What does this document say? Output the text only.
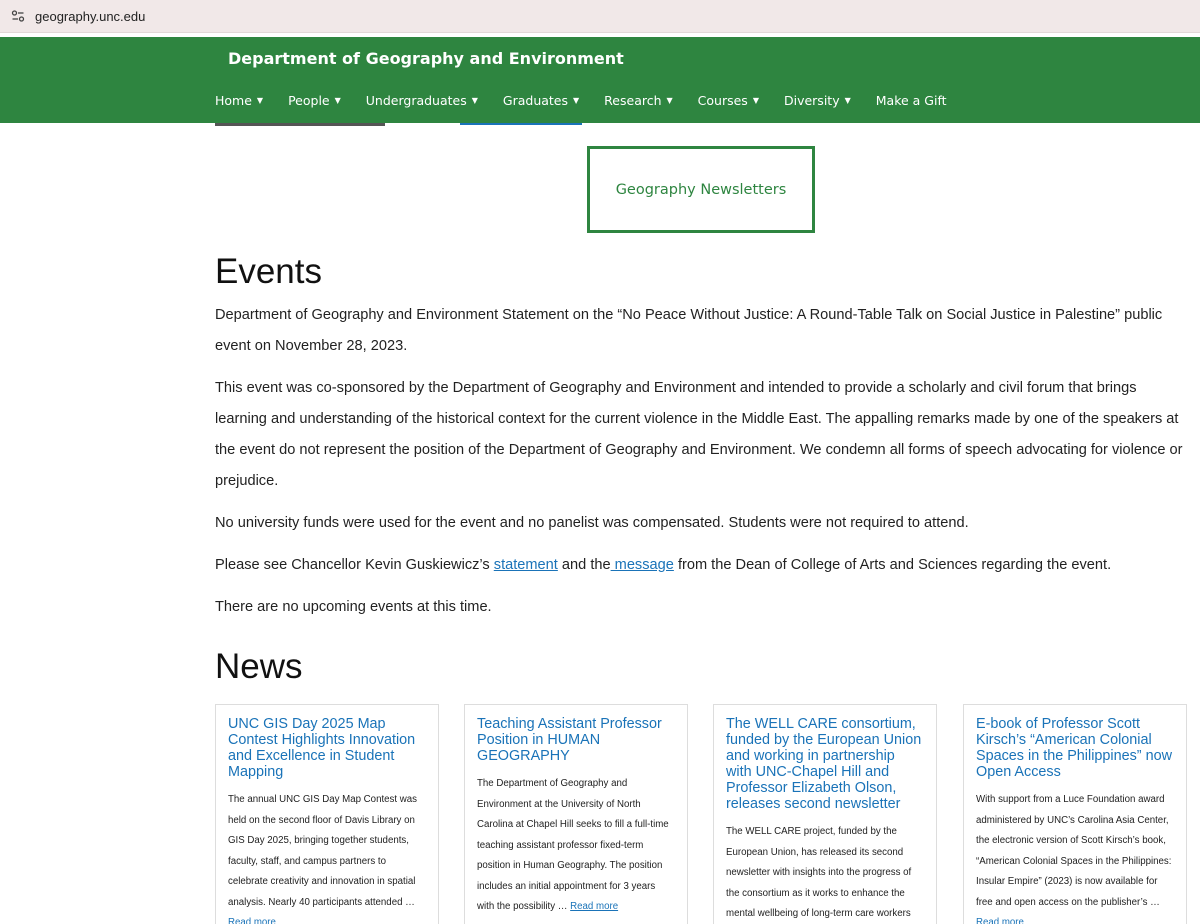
geography.unc.edu
Department of Geography and Environment
Home ▼ People ▼ Undergraduates ▼ Graduates ▼ Research ▼ Courses ▼ Diversity ▼ Make a Gift
Geography Newsletters
Events

Department of Geography and Environment Statement on the “No Peace Without Justice: A Round-Table Talk on Social Justice in Palestine” public event on November 28, 2023.

This event was co-sponsored by the Department of Geography and Environment and intended to provide a scholarly and civil forum that brings learning and understanding of the historical context for the current violence in the Middle East. The appalling remarks made by one of the speakers at the event do not represent the position of the Department of Geography and Environment. We condemn all forms of speech advocating for violence or prejudice.

No university funds were used for the event and no panelist was compensated. Students were not required to attend.

Please see Chancellor Kevin Guskiewicz’s statement and the message from the Dean of College of Arts and Sciences regarding the event.

There are no upcoming events at this time.

News
UNC GIS Day 2025 Map Contest Highlights Innovation and Excellence in Student Mapping
The annual UNC GIS Day Map Contest was held on the second floor of Davis Library on GIS Day 2025, bringing together students, faculty, staff, and campus partners to celebrate creativity and innovation in spatial analysis. Nearly 40 participants attended … Read more
Teaching Assistant Professor Position in HUMAN GEOGRAPHY
The Department of Geography and Environment at the University of North Carolina at Chapel Hill seeks to fill a full-time teaching assistant professor fixed-term position in Human Geography. The position includes an initial appointment for 3 years with the possibility … Read more
The WELL CARE consortium, funded by the European Union and working in partnership with UNC-Chapel Hill and Professor Elizabeth Olson, releases second newsletter
The WELL CARE project, funded by the European Union, has released its second newsletter with insights into the progress of the consortium as it works to enhance the mental wellbeing of long-term care workers
E-book of Professor Scott Kirsch’s “American Colonial Spaces in the Philippines” now Open Access
With support from a Luce Foundation award administered by UNC’s Carolina Asia Center, the electronic version of Scott Kirsch’s book, “American Colonial Spaces in the Philippines: Insular Empire” (2023) is now available for free and open access on the publisher’s … Read more
